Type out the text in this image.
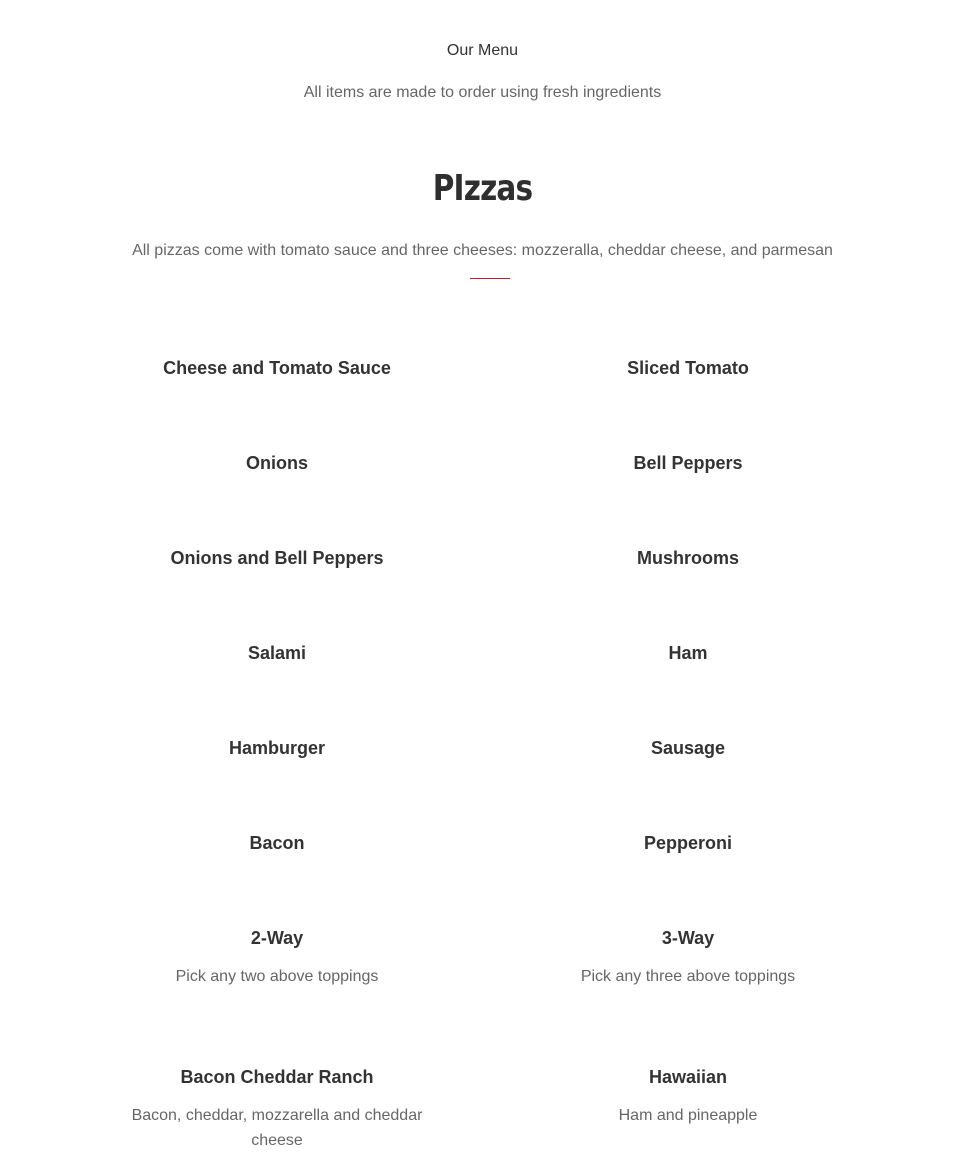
Our Menu

All items are made to order using fresh ingredients

PIzzas

All pizzas come with tomato sauce and three cheeses: mozzeralla, cheddar cheese, and parmesan

Cheese and Tomato Sauce	Sliced Tomato
Onions	Bell Peppers
Onions and Bell Peppers	Mushrooms
Salami	Ham
Hamburger	Sausage
Bacon	Pepperoni
2-Way

Pick any two above toppings

3-Way

Pick any three above toppings

Bacon Cheddar Ranch

Bacon, cheddar, mozzarella and cheddar cheese

Hawaiian

Ham and pineapple
